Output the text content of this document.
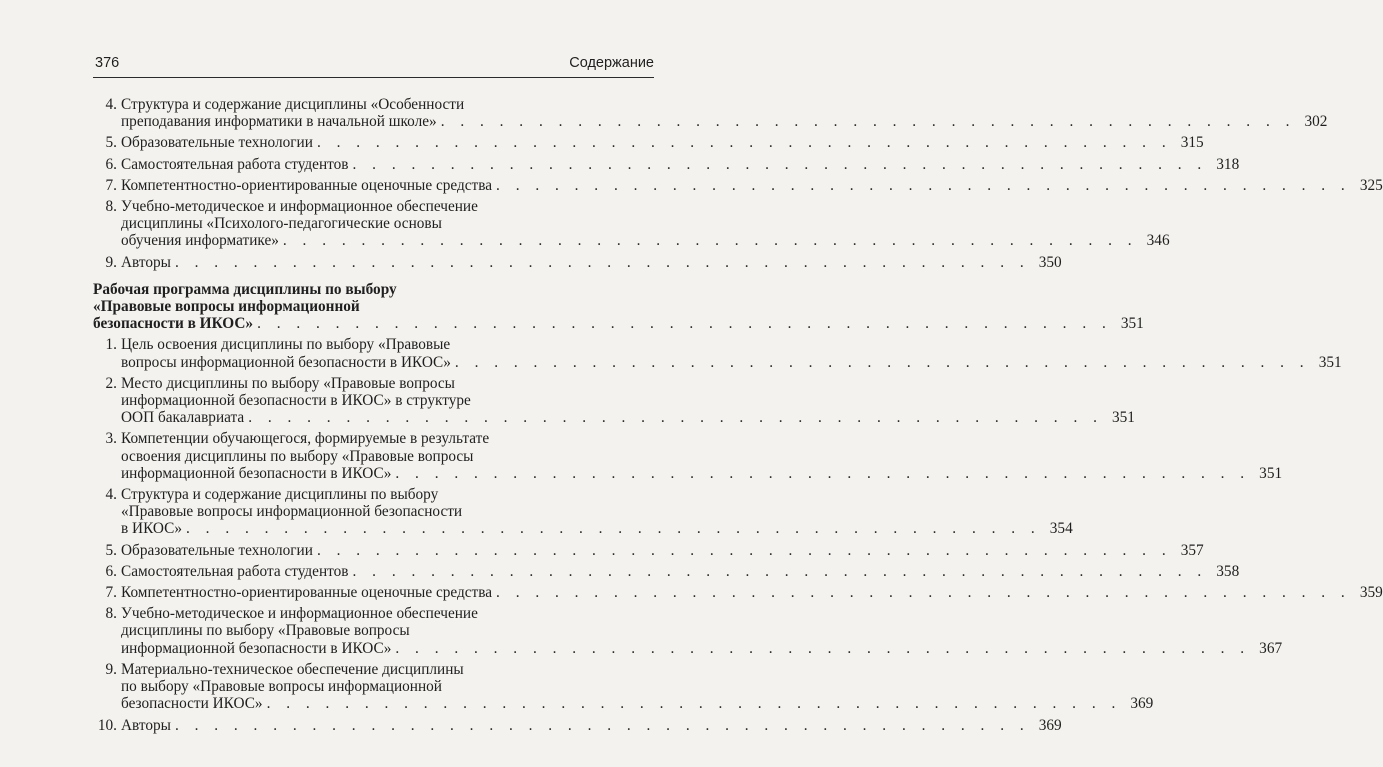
376	Содержание
4. Структура и содержание дисциплины «Особенности
преподавания информатики в начальной школе» . . . . . . . . . . . . . . . . . . . . . . . . . . . . . . . . . . . . . . . . . . . . 302
5. Образовательные технологии . . . . . . . . . . . . . . . . . . . . . . . . . . . . . . . . . . . . . . . . . . . . 315
6. Самостоятельная работа студентов . . . . . . . . . . . . . . . . . . . . . . . . . . . . . . . . . . . . . . . . . . . . 318
7. Компетентностно-ориентированные оценочные средства . . . . . . . . . . . . . . . . . . . . . . . . . . . . . . . . . . . . . . . . . . . . 325
8. Учебно-методическое и информационное обеспечение
дисциплины «Психолого-педагогические основы
обучения информатике» . . . . . . . . . . . . . . . . . . . . . . . . . . . . . . . . . . . . . . . . . . . . 346
9. Авторы . . . . . . . . . . . . . . . . . . . . . . . . . . . . . . . . . . . . . . . . . . . . 350
Рабочая программа дисциплины по выбору
«Правовые вопросы информационной
безопасности в ИКОС» . . . . . . . . . . . . . . . . . . . . . . . . . . . . . . . . . . . . . . . . . . . . 351
1. Цель освоения дисциплины по выбору «Правовые
вопросы информационной безопасности в ИКОС» . . . . . . . . . . . . . . . . . . . . . . . . . . . . . . . . . . . . . . . . . . . . 351
2. Место дисциплины по выбору «Правовые вопросы
информационной безопасности в ИКОС» в структуре
ООП бакалавриата . . . . . . . . . . . . . . . . . . . . . . . . . . . . . . . . . . . . . . . . . . . . 351
3. Компетенции обучающегося, формируемые в результате
освоения дисциплины по выбору «Правовые вопросы
информационной безопасности в ИКОС» . . . . . . . . . . . . . . . . . . . . . . . . . . . . . . . . . . . . . . . . . . . . 351
4. Структура и содержание дисциплины по выбору
«Правовые вопросы информационной безопасности
в ИКОС» . . . . . . . . . . . . . . . . . . . . . . . . . . . . . . . . . . . . . . . . . . . . 354
5. Образовательные технологии . . . . . . . . . . . . . . . . . . . . . . . . . . . . . . . . . . . . . . . . . . . . 357
6. Самостоятельная работа студентов . . . . . . . . . . . . . . . . . . . . . . . . . . . . . . . . . . . . . . . . . . . . 358
7. Компетентностно-ориентированные оценочные средства . . . . . . . . . . . . . . . . . . . . . . . . . . . . . . . . . . . . . . . . . . . . 359
8. Учебно-методическое и информационное обеспечение
дисциплины по выбору «Правовые вопросы
информационной безопасности в ИКОС» . . . . . . . . . . . . . . . . . . . . . . . . . . . . . . . . . . . . . . . . . . . . 367
9. Материально-техническое обеспечение дисциплины
по выбору «Правовые вопросы информационной
безопасности ИКОС» . . . . . . . . . . . . . . . . . . . . . . . . . . . . . . . . . . . . . . . . . . . . 369
10. Авторы . . . . . . . . . . . . . . . . . . . . . . . . . . . . . . . . . . . . . . . . . . . . 369
